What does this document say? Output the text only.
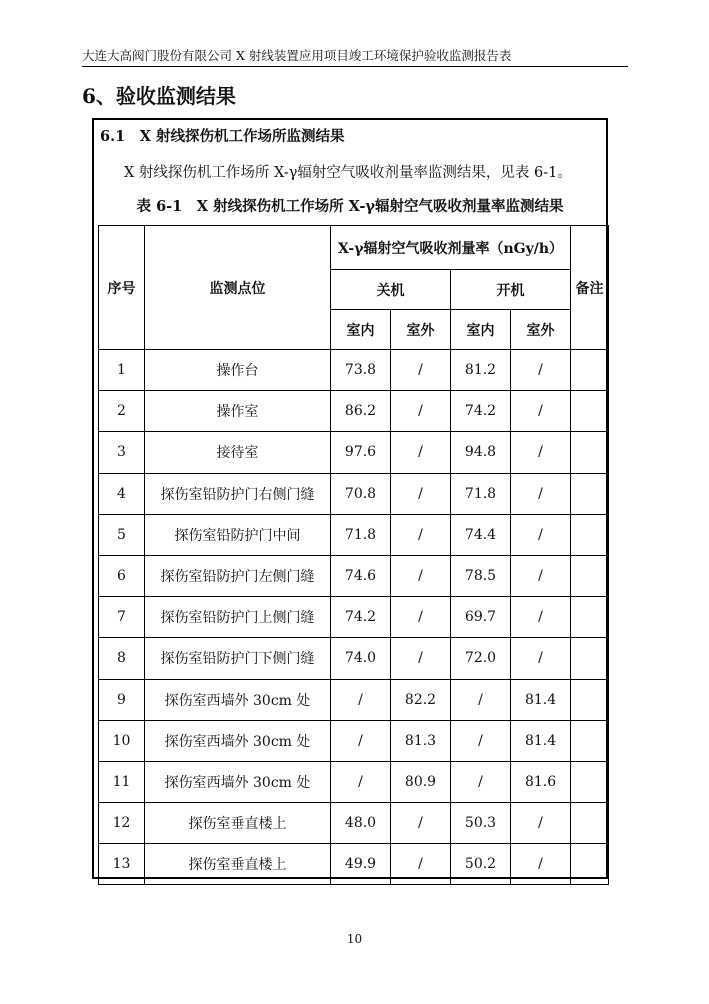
大连大高阀门股份有限公司 X 射线装置应用项目竣工环境保护验收监测报告表
6、验收监测结果
6.1　X 射线探伤机工作场所监测结果
X 射线探伤机工作场所 X-γ辐射空气吸收剂量率监测结果，见表 6-1。
表 6-1　X 射线探伤机工作场所 X-γ辐射空气吸收剂量率监测结果
序号	监测点位	X-γ辐射空气吸收剂量率（nGy/h）				备注
		关机		开机		
		室内	室外	室内	室外	
1	操作台	73.8	/	81.2	/	
2	操作室	86.2	/	74.2	/	
3	接待室	97.6	/	94.8	/	
4	探伤室铅防护门右侧门缝	70.8	/	71.8	/	
5	探伤室铅防护门中间	71.8	/	74.4	/	
6	探伤室铅防护门左侧门缝	74.6	/	78.5	/	
7	探伤室铅防护门上侧门缝	74.2	/	69.7	/	
8	探伤室铅防护门下侧门缝	74.0	/	72.0	/	
9	探伤室西墙外 30cm 处	/	82.2	/	81.4	
10	探伤室西墙外 30cm 处	/	81.3	/	81.4	
11	探伤室西墙外 30cm 处	/	80.9	/	81.6	
12	探伤室垂直楼上	48.0	/	50.3	/	
13	探伤室垂直楼上	49.9	/	50.2	/	
10
